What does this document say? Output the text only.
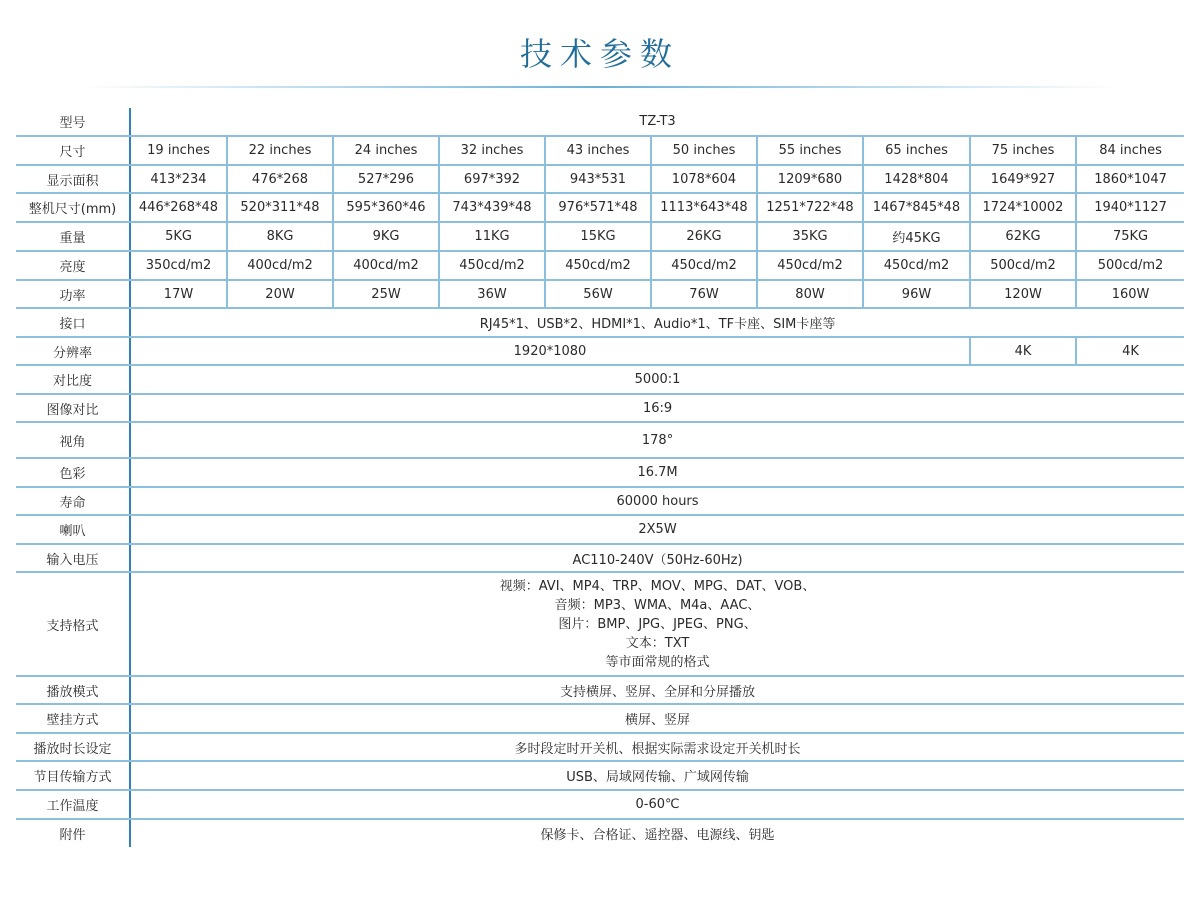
技术参数
型号	TZ-T3									
尺寸	19 inches	22 inches	24 inches	32 inches	43 inches	50 inches	55 inches	65 inches	75 inches	84 inches
显示面积	413*234	476*268	527*296	697*392	943*531	1078*604	1209*680	1428*804	1649*927	1860*1047
整机尺寸(mm)	446*268*48	520*311*48	595*360*46	743*439*48	976*571*48	1113*643*48	1251*722*48	1467*845*48	1724*10002	1940*1127
重量	5KG	8KG	9KG	11KG	15KG	26KG	35KG	约45KG	62KG	75KG
亮度	350cd/m2	400cd/m2	400cd/m2	450cd/m2	450cd/m2	450cd/m2	450cd/m2	450cd/m2	500cd/m2	500cd/m2
功率	17W	20W	25W	36W	56W	76W	80W	96W	120W	160W
接口	RJ45*1、USB*2、HDMI*1、Audio*1、TF卡座、SIM卡座等									
分辨率	1920*1080								4K	4K
对比度	5000:1									
图像对比	16:9									
视角	178°									
色彩	16.7M									
寿命	60000 hours									
喇叭	2X5W									
输入电压	AC110-240V（50Hz-60Hz)									
支持格式	视频：AVI、MP4、TRP、MOV、MPG、DAT、VOB、
音频：MP3、WMA、M4a、AAC、
图片：BMP、JPG、JPEG、PNG、
文本：TXT
等市面常规的格式									

播放模式	支持横屏、竖屏、全屏和分屏播放									
壁挂方式	横屏、竖屏									
播放时长设定	多时段定时开关机、根据实际需求设定开关机时长									
节目传输方式	USB、局域网传输、广域网传输									
工作温度	0-60℃									
附件	保修卡、合格证、遥控器、电源线、钥匙									
